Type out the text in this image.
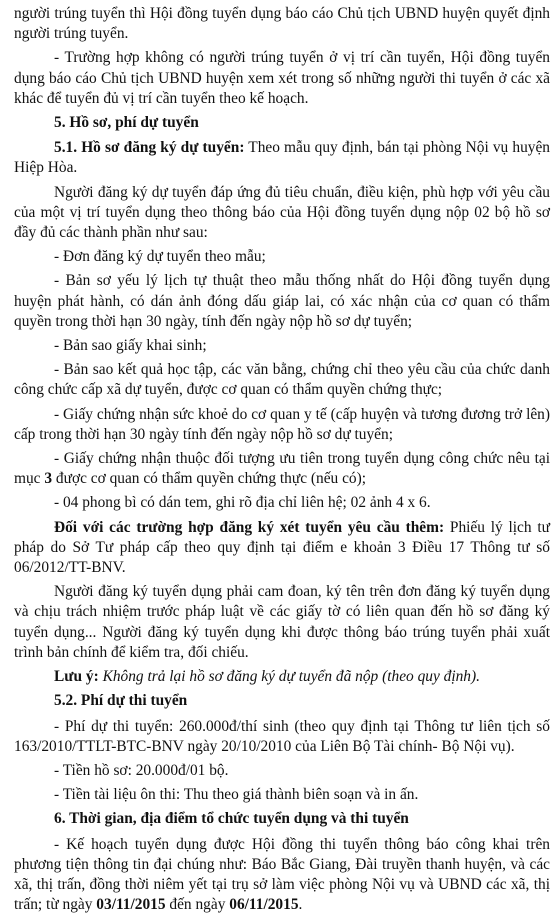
người trúng tuyển thì Hội đồng tuyển dụng báo cáo Chủ tịch UBND huyện quyết định người trúng tuyển.

- Trường hợp không có người trúng tuyển ở vị trí cần tuyển, Hội đồng tuyển dụng báo cáo Chủ tịch UBND huyện xem xét trong số những người thi tuyển ở các xã khác để tuyển đủ vị trí cần tuyển theo kế hoạch.

5. Hồ sơ, phí dự tuyển

5.1. Hồ sơ đăng ký dự tuyển: Theo mẫu quy định, bán tại phòng Nội vụ huyện Hiệp Hòa.

Người đăng ký dự tuyển đáp ứng đủ tiêu chuẩn, điều kiện, phù hợp với yêu cầu của một vị trí tuyển dụng theo thông báo của Hội đồng tuyển dụng nộp 02 bộ hồ sơ đầy đủ các thành phần như sau:

- Đơn đăng ký dự tuyển theo mẫu;

- Bản sơ yếu lý lịch tự thuật theo mẫu thống nhất do Hội đồng tuyển dụng huyện phát hành, có dán ảnh đóng dấu giáp lai, có xác nhận của cơ quan có thẩm quyền trong thời hạn 30 ngày, tính đến ngày nộp hồ sơ dự tuyển;

- Bản sao giấy khai sinh;

- Bản sao kết quả học tập, các văn bằng, chứng chỉ theo yêu cầu của chức danh công chức cấp xã dự tuyển, được cơ quan có thẩm quyền chứng thực;

- Giấy chứng nhận sức khoẻ do cơ quan y tế (cấp huyện và tương đương trở lên) cấp trong thời hạn 30 ngày tính đến ngày nộp hồ sơ dự tuyển;

- Giấy chứng nhận thuộc đối tượng ưu tiên trong tuyển dụng công chức nêu tại mục 3 được cơ quan có thẩm quyền chứng thực (nếu có);

- 04 phong bì có dán tem, ghi rõ địa chỉ liên hệ; 02 ảnh 4 x 6.

Đối với các trường hợp đăng ký xét tuyển yêu cầu thêm: Phiếu lý lịch tư pháp do Sở Tư pháp cấp theo quy định tại điểm e khoản 3 Điều 17 Thông tư số 06/2012/TT-BNV.

Người đăng ký tuyển dụng phải cam đoan, ký tên trên đơn đăng ký tuyển dụng và chịu trách nhiệm trước pháp luật về các giấy tờ có liên quan đến hồ sơ đăng ký tuyển dụng... Người đăng ký tuyển dụng khi được thông báo trúng tuyển phải xuất trình bản chính để kiểm tra, đối chiếu.

Lưu ý: Không trả lại hồ sơ đăng ký dự tuyển đã nộp (theo quy định).

5.2. Phí dự thi tuyển

- Phí dự thi tuyển: 260.000đ/thí sinh (theo quy định tại Thông tư liên tịch số 163/2010/TTLT-BTC-BNV ngày 20/10/2010 của Liên Bộ Tài chính- Bộ Nội vụ).

- Tiền hồ sơ: 20.000đ/01 bộ.

- Tiền tài liệu ôn thi: Thu theo giá thành biên soạn và in ấn.

6. Thời gian, địa điểm tổ chức tuyển dụng và thi tuyển

- Kế hoạch tuyển dụng được Hội đồng thi tuyển thông báo công khai trên phương tiện thông tin đại chúng như: Báo Bắc Giang, Đài truyền thanh huyện, và các xã, thị trấn, đồng thời niêm yết tại trụ sở làm việc phòng Nội vụ và UBND các xã, thị trấn; từ ngày 03/11/2015 đến ngày 06/11/2015.
